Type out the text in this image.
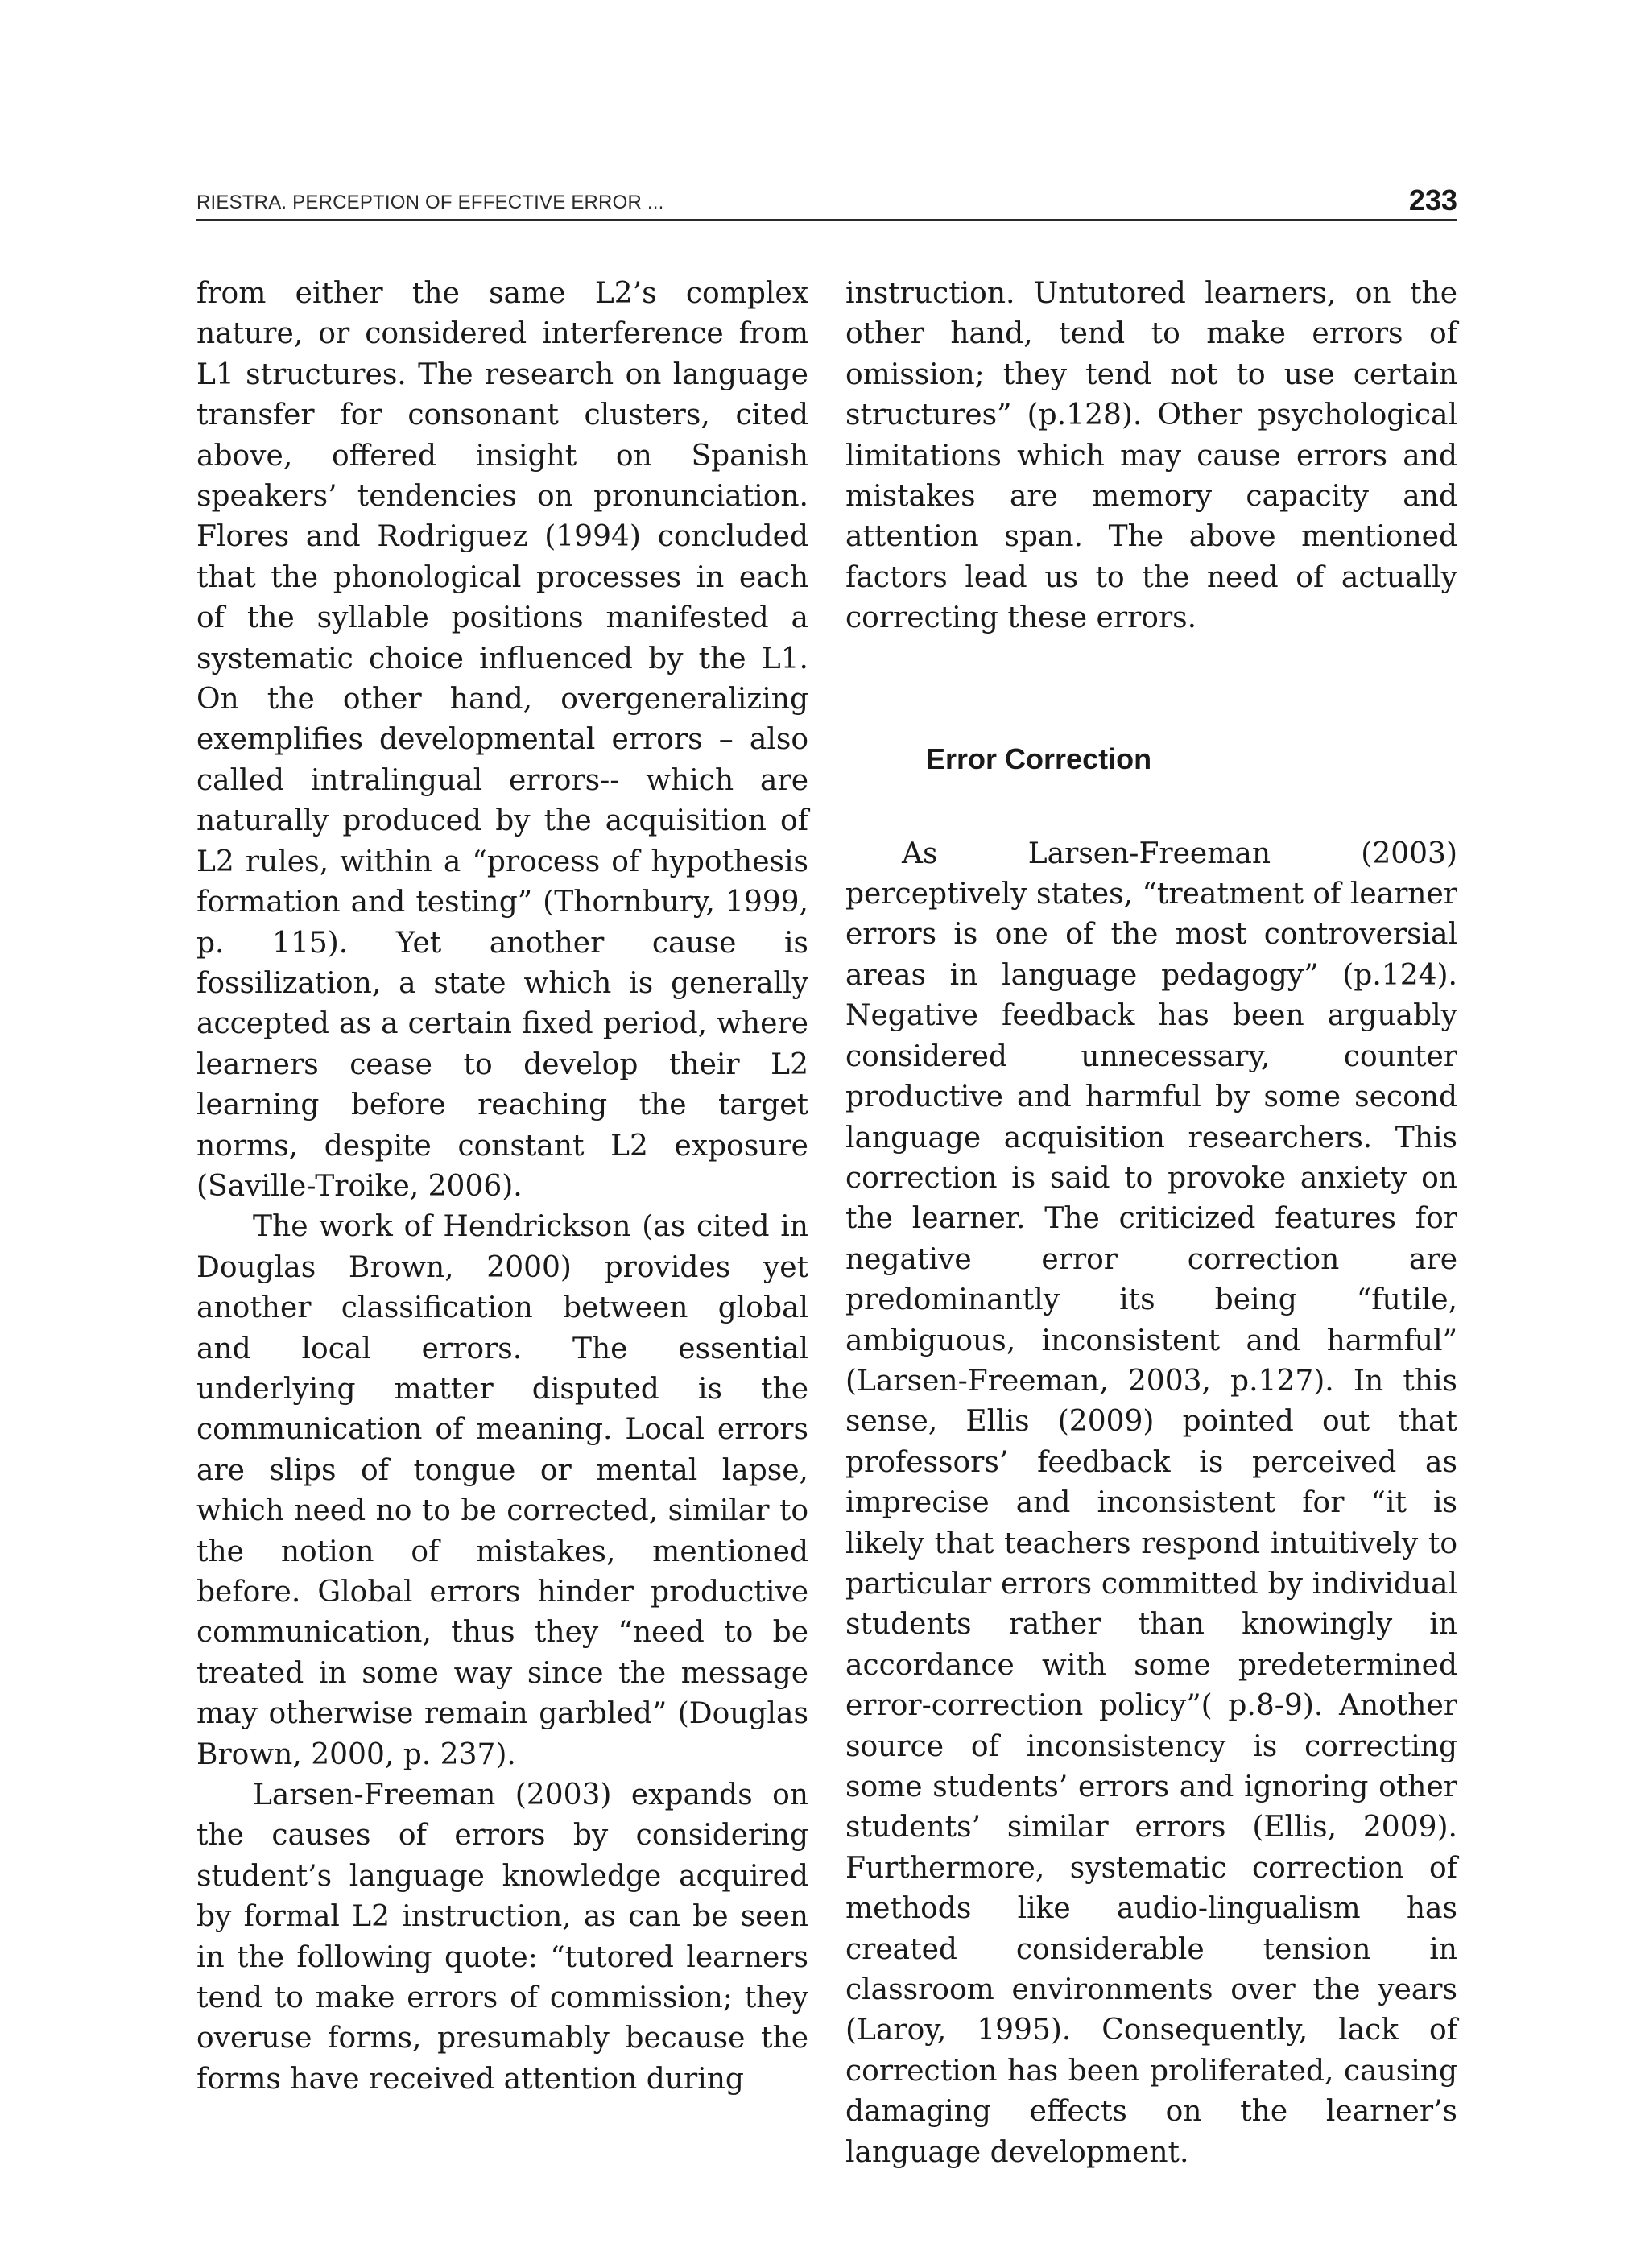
RIESTRA. PERCEPTION OF EFFECTIVE ERROR ...	233

from either the same L2’s complex nature, or considered interference from L1 structures. The research on language transfer for consonant clusters, cited above, offered insight on Spanish speakers’ tendencies on pronunciation. Flores and Rodriguez (1994) concluded that the phonological processes in each of the syllable positions manifested a systematic choice influenced by the L1. On the other hand, overgeneralizing exemplifies developmental errors – also called intralingual errors-- which are naturally produced by the acquisition of L2 rules, within a “process of hypothesis formation and testing” (Thornbury, 1999, p. 115). Yet another cause is fossilization, a state which is generally accepted as a certain fixed period, where learners cease to develop their L2 learning before reaching the target norms, despite constant L2 exposure (Saville-Troike, 2006).

The work of Hendrickson (as cited in Douglas Brown, 2000) provides yet another classification between global and local errors. The essential underlying matter disputed is the communication of meaning. Local errors are slips of tongue or mental lapse, which need no to be corrected, similar to the notion of mistakes, mentioned before. Global errors hinder productive communication, thus they “need to be treated in some way since the message may otherwise remain garbled” (Douglas Brown, 2000, p. 237).

Larsen-Freeman (2003) expands on the causes of errors by considering student’s language knowledge acquired by formal L2 instruction, as can be seen in the following quote: “tutored learners tend to make errors of commission; they overuse forms, presumably because the forms have received attention during

instruction. Untutored learners, on the other hand, tend to make errors of omission; they tend not to use certain structures” (p.128). Other psychological limitations which may cause errors and mistakes are memory capacity and attention span. The above mentioned factors lead us to the need of actually correcting these errors.

Error Correction

As Larsen-Freeman (2003) perceptively states, “treatment of learner errors is one of the most controversial areas in language pedagogy” (p.124). Negative feedback has been arguably considered unnecessary, counter productive and harmful by some second language acquisition researchers. This correction is said to provoke anxiety on the learner. The criticized features for negative error correction are predominantly its being “futile, ambiguous, inconsistent and harmful” (Larsen-Freeman, 2003, p.127). In this sense, Ellis (2009) pointed out that professors’ feedback is perceived as imprecise and inconsistent for “it is likely that teachers respond intuitively to particular errors committed by individual students rather than knowingly in accordance with some predetermined error-correction policy”( p.8-9). Another source of inconsistency is correcting some students’ errors and ignoring other students’ similar errors (Ellis, 2009). Furthermore, systematic correction of methods like audio-lingualism has created considerable tension in classroom environments over the years (Laroy, 1995). Consequently, lack of correction has been proliferated, causing damaging effects on the learner’s language development.
